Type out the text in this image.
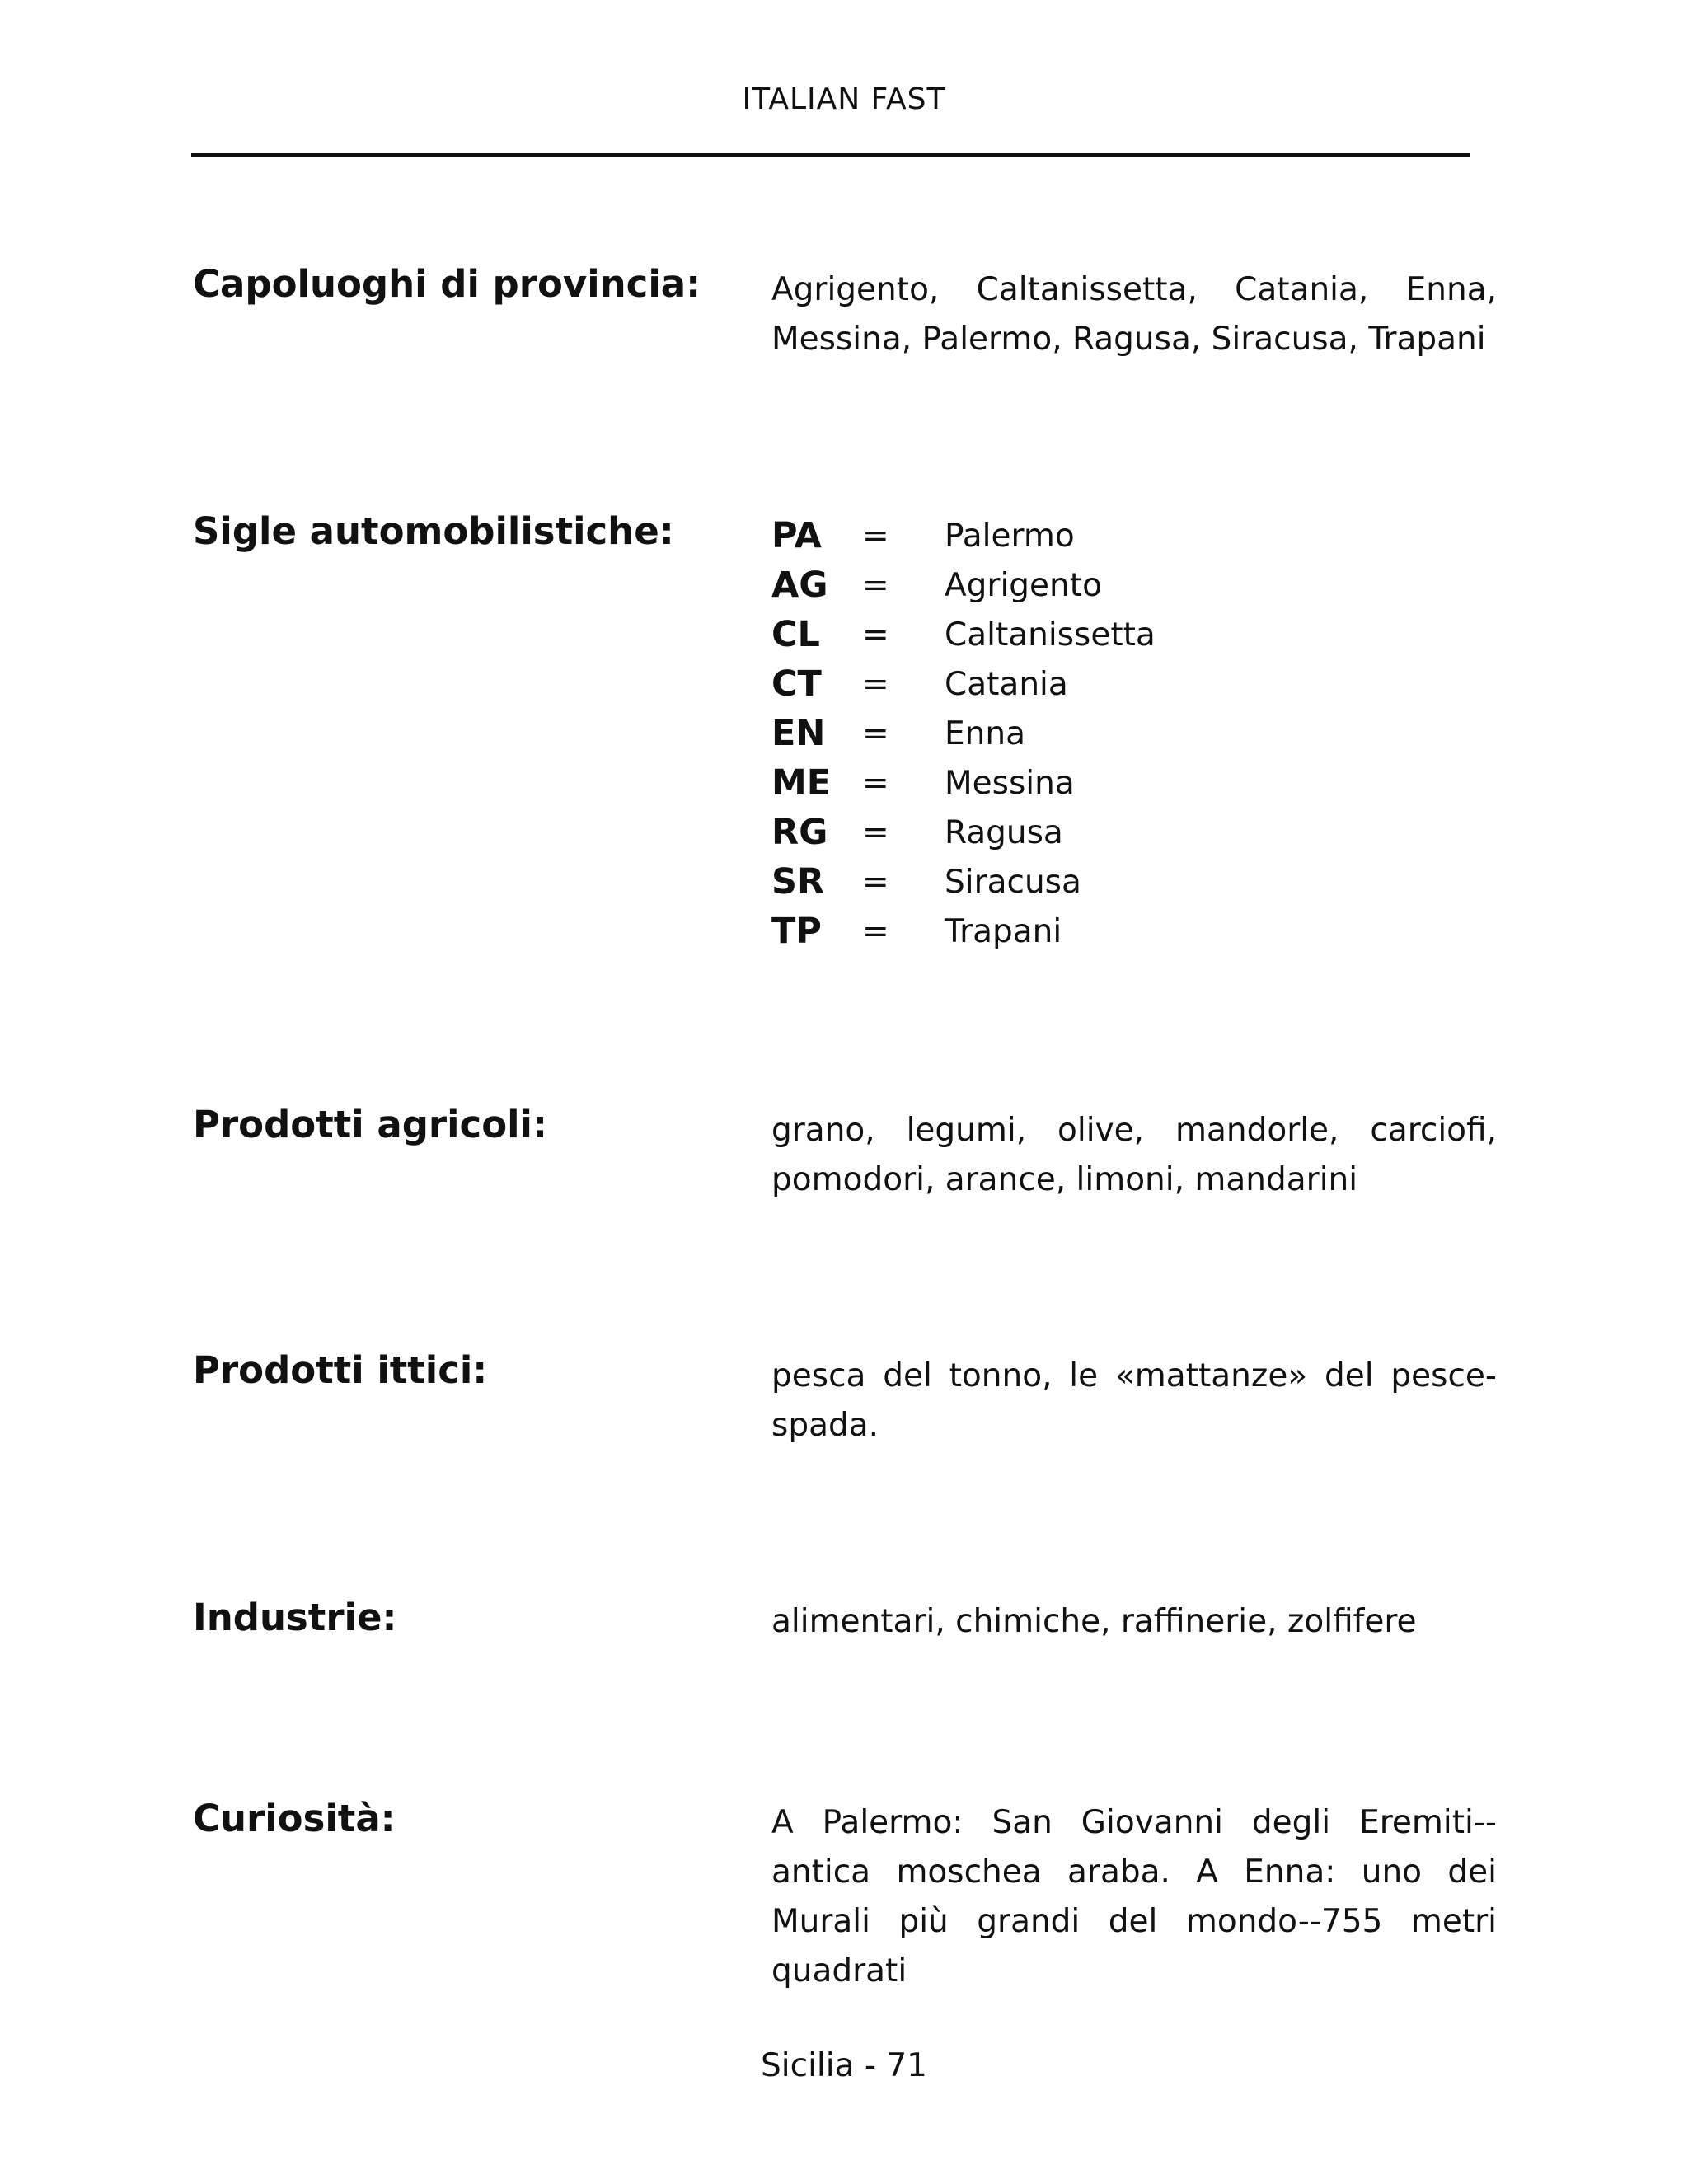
ITALIAN FAST
Capoluoghi di provincia: Agrigento, Caltanissetta, Catania, Enna, Messina, Palermo, Ragusa, Siracusa, Trapani
Sigle automobilistiche:	PA	=	Palermo
AG	=	Agrigento
CL	=	Caltanissetta
CT	=	Catania
EN	=	Enna
ME =	Messina
RG	=	Ragusa
SR	=	Siracusa
TP	=	Trapani
Prodotti agricoli:	grano, legumi, olive, mandorle, carciofi, pomodori, arance, limoni, mandarini
Prodotti ittici:	pesca del tonno, le «mattanze» del pesce-spada.
Industrie:	alimentari, chimiche, raffinerie, zolfifere
Curiosità:	A Palermo: San Giovanni degli Eremiti--antica moschea araba. A Enna: uno dei Murali più grandi del mondo--755 metri quadrati
Sicilia - 71
